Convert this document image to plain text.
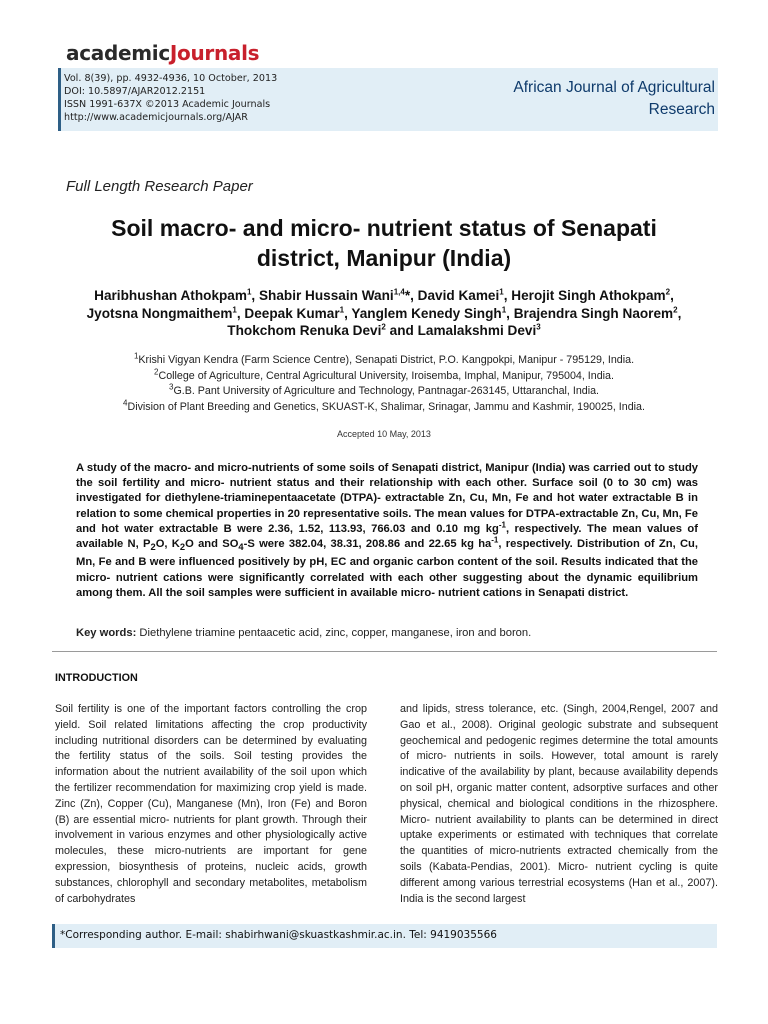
academicJournals
Vol. 8(39), pp. 4932-4936, 10 October, 2013
DOI: 10.5897/AJAR2012.2151
ISSN 1991-637X ©2013 Academic Journals
http://www.academicjournals.org/AJAR
African Journal of Agricultural
Research
Full Length Research Paper
Soil macro- and micro- nutrient status of Senapati
district, Manipur (India)
Haribhushan Athokpam$^1$, Shabir Hussain Wani$^{1,4}$*, David Kamei$^1$, Herojit Singh Athokpam$^2$,
Jyotsna Nongmaithem$^1$, Deepak Kumar$^1$, Yanglem Kenedy Singh$^1$, Brajendra Singh Naorem$^2$,
Thokchom Renuka Devi$^2$ and Lamalakshmi Devi$^3$
$^1$Krishi Vigyan Kendra (Farm Science Centre), Senapati District, P.O. Kangpokpi, Manipur - 795129, India.
$^2$College of Agriculture, Central Agricultural University, Iroisemba, Imphal, Manipur, 795004, India.
$^3$G.B. Pant University of Agriculture and Technology, Pantnagar-263145, Uttaranchal, India.
$^4$Division of Plant Breeding and Genetics, SKUAST-K, Shalimar, Srinagar, Jammu and Kashmir, 190025, India.
Accepted 10 May, 2013
A study of the macro- and micro-nutrients of some soils of Senapati district, Manipur (India) was carried out to study the soil fertility and micro- nutrient status and their relationship with each other. Surface soil (0 to 30 cm) was investigated for diethylene-triaminepentaacetate (DTPA)- extractable Zn, Cu, Mn, Fe and hot water extractable B in relation to some chemical properties in 20 representative soils. The mean values for DTPA-extractable Zn, Cu, Mn, Fe and hot water extractable B were 2.36, 1.52, 113.93, 766.03 and 0.10 mg $kg^{-1}$, respectively. The mean values of available N, $P_2O$, $K_2O$ and $SO_4-S$ were 382.04, 38.31, 208.86 and 22.65 kg $ha^{-1}$, respectively. Distribution of Zn, Cu, Mn, Fe and B were influenced positively by pH, EC and organic carbon content of the soil. Results indicated that the micro- nutrient cations were significantly correlated with each other suggesting about the dynamic equilibrium among them. All the soil samples were sufficient in available micro- nutrient cations in Senapati district.
Key words: Diethylene triamine pentaacetic acid, zinc, copper, manganese, iron and boron.
INTRODUCTION
Soil fertility is one of the important factors controlling the crop yield. Soil related limitations affecting the crop productivity including nutritional disorders can be determined by evaluating the fertility status of the soils. Soil testing provides the information about the nutrient availability of the soil upon which the fertilizer recommendation for maximizing crop yield is made. Zinc (Zn), Copper (Cu), Manganese (Mn), Iron (Fe) and Boron (B) are essential micro- nutrients for plant growth. Through their involvement in various enzymes and other physiologically active molecules, these micro-nutrients are important for gene expression, biosynthesis of proteins, nucleic acids, growth substances, chlorophyll and secondary metabolites, metabolism of carbohydrates
and lipids, stress tolerance, etc. (Singh, 2004,Rengel, 2007 and Gao et al., 2008). Original geologic substrate and subsequent geochemical and pedogenic regimes determine the total amounts of micro- nutrients in soils. However, total amount is rarely indicative of the availability by plant, because availability depends on soil pH, organic matter content, adsorptive surfaces and other physical, chemical and biological conditions in the rhizosphere. Micro- nutrient availability to plants can be determined in direct uptake experiments or estimated with techniques that correlate the quantities of micro-nutrients extracted chemically from the soils (Kabata-Pendias, 2001). Micro- nutrient cycling is quite different among various terrestrial ecosystems (Han et al., 2007). India is the second largest
*Corresponding author. E-mail: shabirhwani@skuastkashmir.ac.in. Tel: 9419035566
